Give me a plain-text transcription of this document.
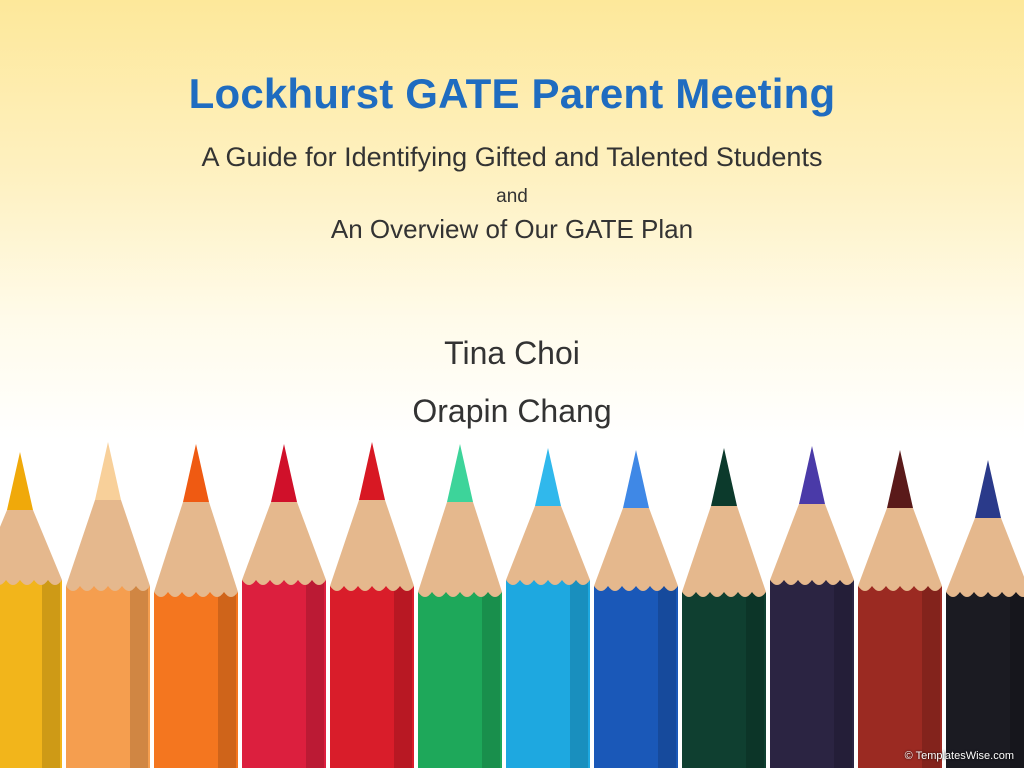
Lockhurst GATE Parent Meeting
A Guide for Identifying Gifted and Talented Students
and
An Overview of Our GATE Plan
Tina Choi
Orapin Chang
© TemplatesWise.com
